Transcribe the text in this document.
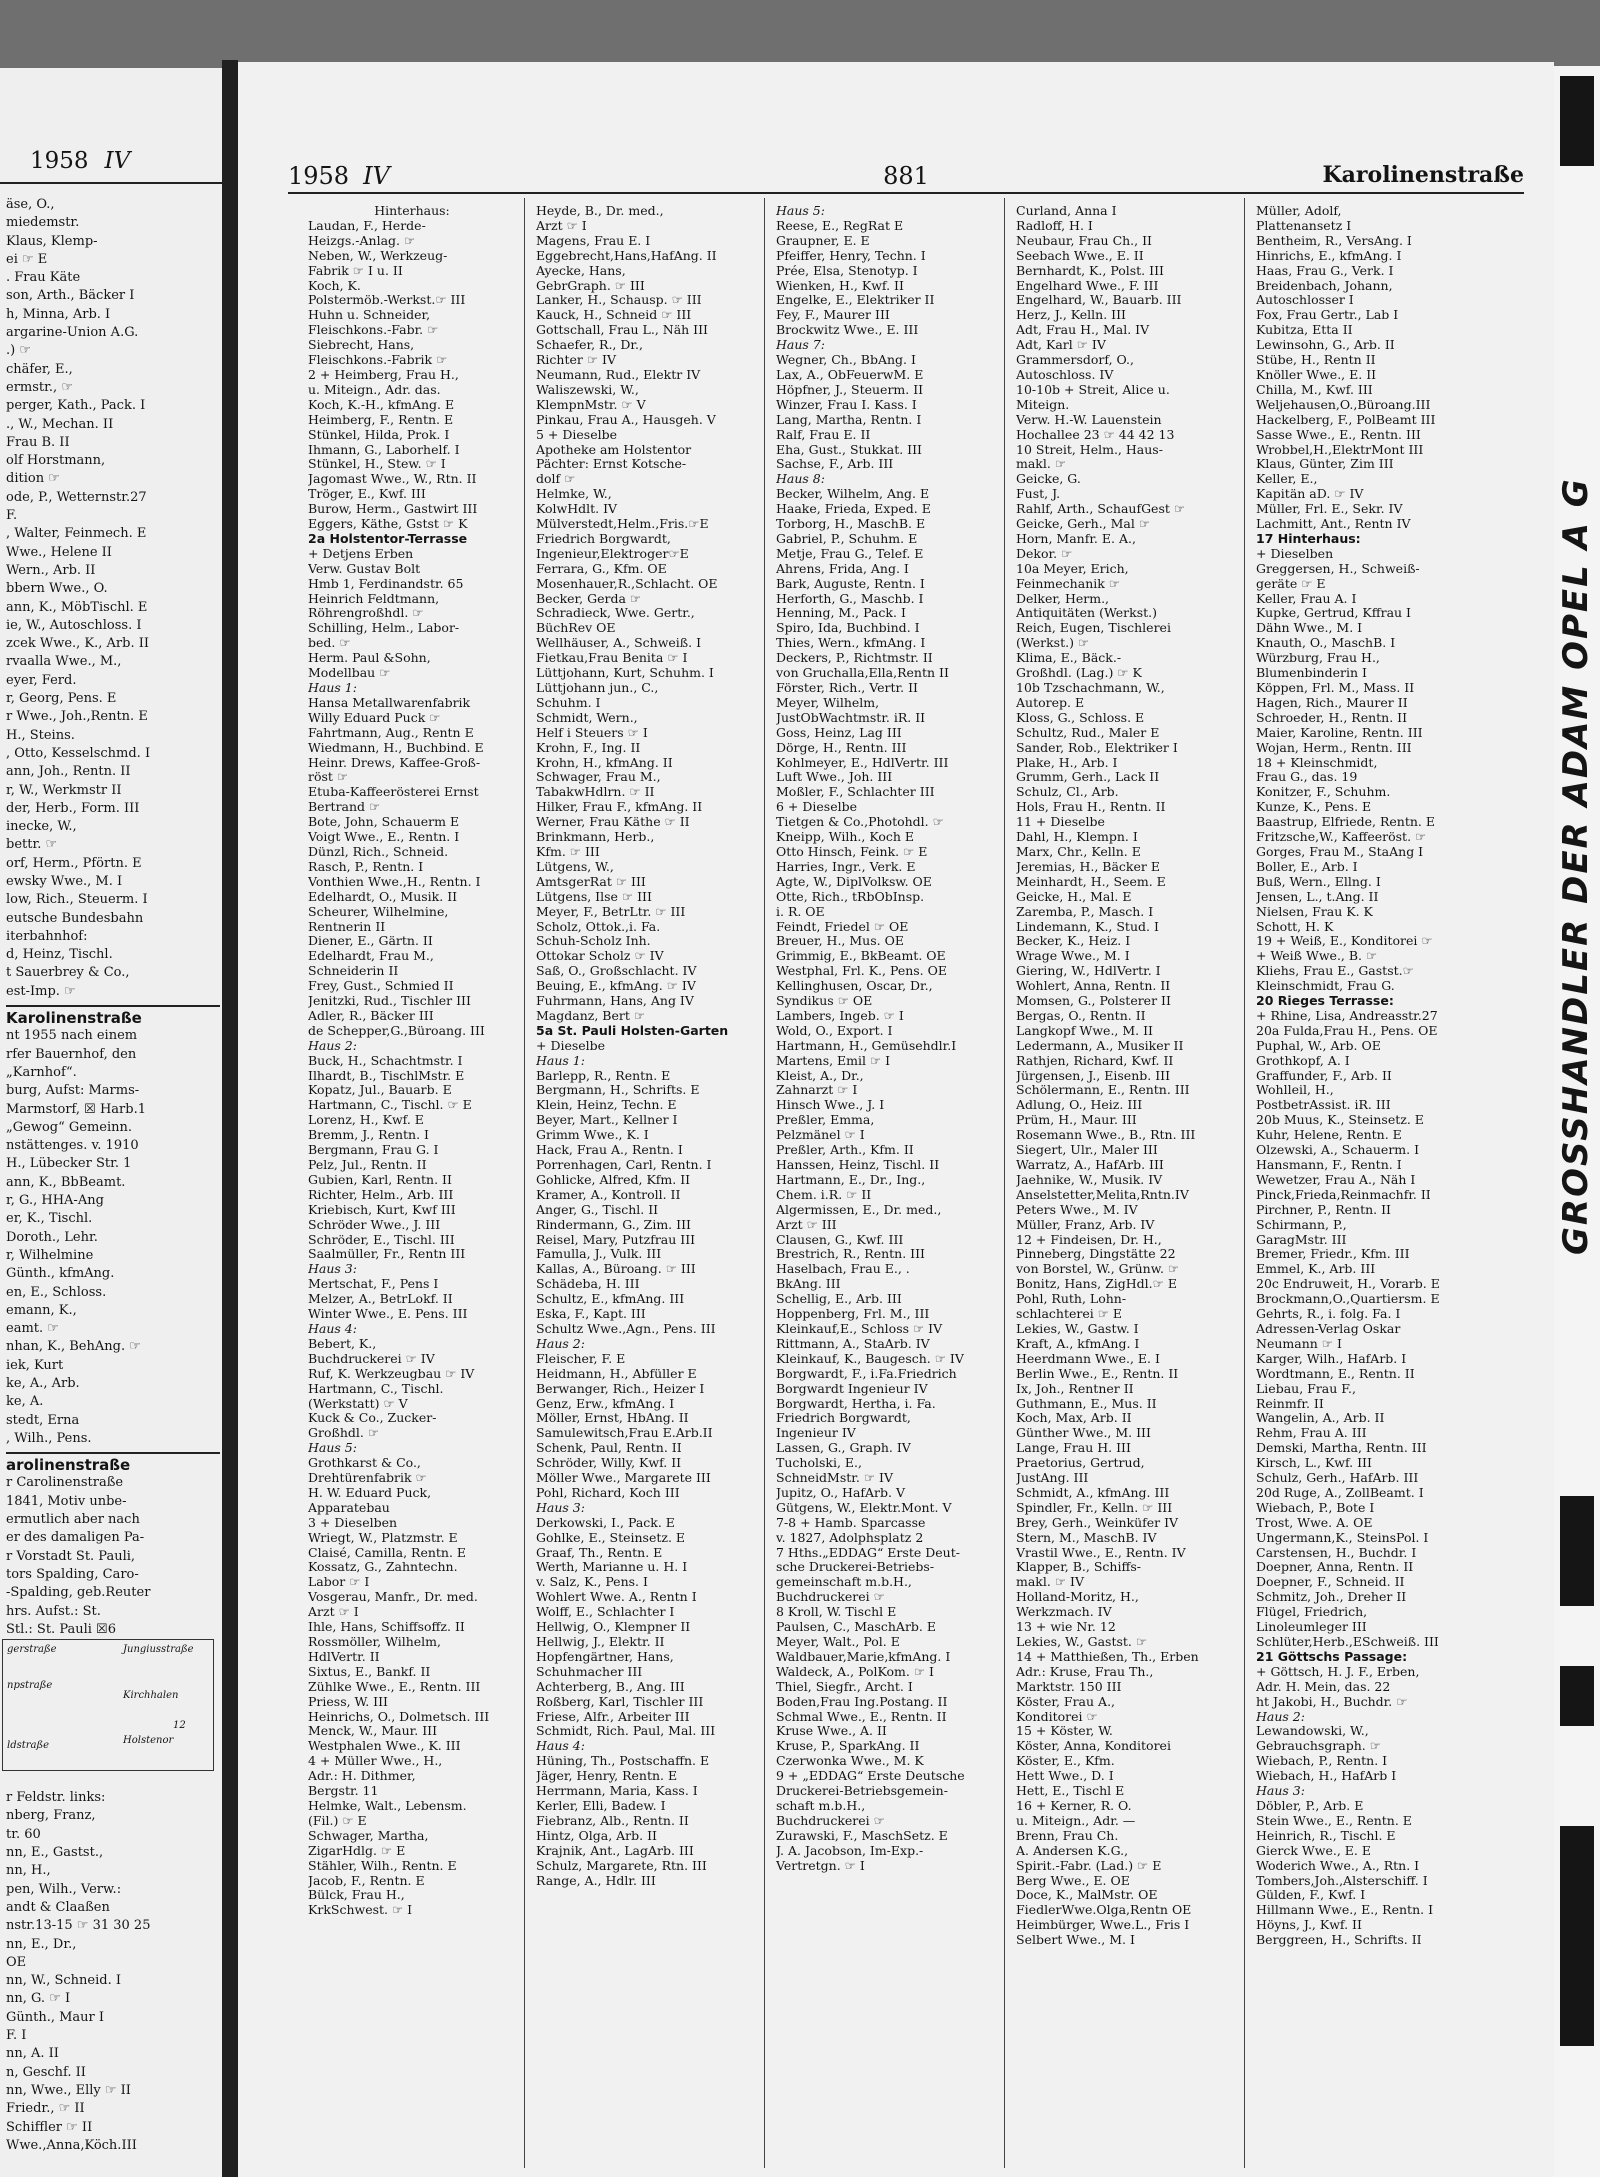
1958 IV
äse, O.,
miedemstr.
Klaus, Klemp-
ei ☞ E
. Frau Käte
son, Arth., Bäcker I
h, Minna, Arb. I
argarine-Union A.G.
.) ☞
chäfer, E.,
ermstr., ☞
perger, Kath., Pack. I
., W., Mechan. II
Frau B. II
olf Horstmann,
dition ☞
ode, P., Wetternstr.27
F.
, Walter, Feinmech. E
Wwe., Helene II
Wern., Arb. II
bbern Wwe., O.
ann, K., MöbTischl. E
ie, W., Autoschloss. I
zcek Wwe., K., Arb. II
rvaalla Wwe., M.,
eyer, Ferd.
r, Georg, Pens. E
r Wwe., Joh.,Rentn. E
H., Steins.
, Otto, Kesselschmd. I
ann, Joh., Rentn. II
r, W., Werkmstr II
der, Herb., Form. III
inecke, W.,
bettr. ☞
orf, Herm., Pförtn. E
ewsky Wwe., M. I
low, Rich., Steuerm. I
eutsche Bundesbahn
iterbahnhof:
d, Heinz, Tischl.
t Sauerbrey & Co.,
est-Imp. ☞
Karolinenstraße
nt 1955 nach einem
rfer Bauernhof, den
„Karnhof“.
burg, Aufst: Marms-
Marmstorf, ☒ Harb.1
„Gewog“ Gemeinn.
nstättenges. v. 1910
H., Lübecker Str. 1
ann, K., BbBeamt.
r, G., HHA-Ang
er, K., Tischl.
Doroth., Lehr.
r, Wilhelmine
Günth., kfmAng.
en, E., Schloss.
emann, K.,
eamt. ☞
nhan, K., BehAng. ☞
iek, Kurt
ke, A., Arb.
ke, A.
stedt, Erna
, Wilh., Pens.
arolinenstraße
r Carolinenstraße
1841, Motiv unbe-
ermutlich aber nach
er des damaligen Pa-
r Vorstadt St. Pauli,
tors Spalding, Caro-
-Spalding, geb.Reuter
hrs. Aufst.: St.
Stl.: St. Pauli ☒6
r Feldstr. links:
nberg, Franz,
tr. 60
nn, E., Gastst.,
nn, H.,
pen, Wilh., Verw.:
andt & Claaßen
nstr.13-15 ☞ 31 30 25
nn, E., Dr.,
OE
nn, W., Schneid. I
nn, G. ☞ I
Günth., Maur I
F. I
nn, A. II
n, Geschf. II
nn, Wwe., Elly ☞ II
Friedr., ☞ II
Schiffler ☞ II
Wwe.,Anna,Köch.III
gerstraße	Jungiusstraße
npstraße
Kirchhalen
12
Holstenor
ldstraße
1958 IV	881	Karolinenstraße
Hinterhaus:
Laudan, F., Herde-
Heizgs.-Anlag. ☞
Neben, W., Werkzeug-
Fabrik ☞ I u. II
Koch, K.
Polstermöb.-Werkst.☞ III
Huhn u. Schneider,
Fleischkons.-Fabr. ☞
Siebrecht, Hans,
Fleischkons.-Fabrik ☞
2 + Heimberg, Frau H.,
u. Miteign., Adr. das.
Koch, K.-H., kfmAng. E
Heimberg, F., Rentn. E
Stünkel, Hilda, Prok. I
Ihmann, G., Laborhelf. I
Stünkel, H., Stew. ☞ I
Jagomast Wwe., W., Rtn. II
Tröger, E., Kwf. III
Burow, Herm., Gastwirt III
Eggers, Käthe, Gstst ☞ K
2a Holstentor-Terrasse
+ Detjens Erben
Verw. Gustav Bolt
Hmb 1, Ferdinandstr. 65
Heinrich Feldtmann,
Röhrengroßhdl. ☞
Schilling, Helm., Labor-
bed. ☞
Herm. Paul &Sohn,
Modellbau ☞
Haus 1:
Hansa Metallwarenfabrik
Willy Eduard Puck ☞
Fahrtmann, Aug., Rentn E
Wiedmann, H., Buchbind. E
Heinr. Drews, Kaffee-Groß-
röst ☞
Etuba-Kaffeerösterei Ernst
Bertrand ☞
Bote, John, Schauerm E
Voigt Wwe., E., Rentn. I
Dünzl, Rich., Schneid.
Rasch, P., Rentn. I
Vonthien Wwe.,H., Rentn. I
Edelhardt, O., Musik. II
Scheurer, Wilhelmine,
Rentnerin II
Diener, E., Gärtn. II
Edelhardt, Frau M.,
Schneiderin II
Frey, Gust., Schmied II
Jenitzki, Rud., Tischler III
Adler, R., Bäcker III
de Schepper,G.,Büroang. III
Haus 2:
Buck, H., Schachtmstr. I
Ilhardt, B., TischlMstr. E
Kopatz, Jul., Bauarb. E
Hartmann, C., Tischl. ☞ E
Lorenz, H., Kwf. E
Bremm, J., Rentn. I
Bergmann, Frau G. I
Pelz, Jul., Rentn. II
Gubien, Karl, Rentn. II
Richter, Helm., Arb. III
Kriebisch, Kurt, Kwf III
Schröder Wwe., J. III
Schröder, E., Tischl. III
Saalmüller, Fr., Rentn III
Haus 3:
Mertschat, F., Pens I
Melzer, A., BetrLokf. II
Winter Wwe., E. Pens. III
Haus 4:
Bebert, K.,
Buchdruckerei ☞ IV
Ruf, K. Werkzeugbau ☞ IV
Hartmann, C., Tischl.
(Werkstatt) ☞ V
Kuck & Co., Zucker-
Großhdl. ☞
Haus 5:
Grothkarst & Co.,
Drehtürenfabrik ☞
H. W. Eduard Puck,
Apparatebau
3 + Dieselben
Wriegt, W., Platzmstr. E
Claisé, Camilla, Rentn. E
Kossatz, G., Zahntechn.
Labor ☞ I
Vosgerau, Manfr., Dr. med.
Arzt ☞ I
Ihle, Hans, Schiffsoffz. II
Rossmöller, Wilhelm,
HdlVertr. II
Sixtus, E., Bankf. II
Zühlke Wwe., E., Rentn. III
Priess, W. III
Heinrichs, O., Dolmetsch. III
Menck, W., Maur. III
Westphalen Wwe., K. III
4 + Müller Wwe., H.,
Adr.: H. Dithmer,
Bergstr. 11
Helmke, Walt., Lebensm.
(Fil.) ☞ E
Schwager, Martha,
ZigarHdlg. ☞ E
Stähler, Wilh., Rentn. E
Jacob, F., Rentn. E
Bülck, Frau H.,
KrkSchwest. ☞ I
Heyde, B., Dr. med.,
Arzt ☞ I
Magens, Frau E. I
Eggebrecht,Hans,HafAng. II
Ayecke, Hans,
GebrGraph. ☞ III
Lanker, H., Schausp. ☞ III
Kauck, H., Schneid ☞ III
Gottschall, Frau L., Näh III
Schaefer, R., Dr.,
Richter ☞ IV
Neumann, Rud., Elektr IV
Waliszewski, W.,
KlempnMstr. ☞ V
Pinkau, Frau A., Hausgeh. V
5 + Dieselbe
Apotheke am Holstentor
Pächter: Ernst Kotsche-
dolf ☞
Helmke, W.,
KolwHdlt. IV
Mülverstedt,Helm.,Fris.☞E
Friedrich Borgwardt,
Ingenieur,Elektroger☞E
Ferrara, G., Kfm. OE
Mosenhauer,R.,Schlacht. OE
Becker, Gerda ☞
Schradieck, Wwe. Gertr.,
BüchRev OE
Wellhäuser, A., Schweiß. I
Fietkau,Frau Benita ☞ I
Lüttjohann, Kurt, Schuhm. I
Lüttjohann jun., C.,
Schuhm. I
Schmidt, Wern.,
Helf i Steuers ☞ I
Krohn, F., Ing. II
Krohn, H., kfmAng. II
Schwager, Frau M.,
TabakwHdlrn. ☞ II
Hilker, Frau F., kfmAng. II
Werner, Frau Käthe ☞ II
Brinkmann, Herb.,
Kfm. ☞ III
Lütgens, W.,
AmtsgerRat ☞ III
Lütgens, Ilse ☞ III
Meyer, F., BetrLtr. ☞ III
Scholz, Ottok.,i. Fa.
Schuh-Scholz Inh.
Ottokar Scholz ☞ IV
Saß, O., Großschlacht. IV
Beuing, E., kfmAng. ☞ IV
Fuhrmann, Hans, Ang IV
Magdanz, Bert ☞
5a St. Pauli Holsten-Garten
+ Dieselbe
Haus 1:
Barlepp, R., Rentn. E
Bergmann, H., Schrifts. E
Klein, Heinz, Techn. E
Beyer, Mart., Kellner I
Grimm Wwe., K. I
Hack, Frau A., Rentn. I
Porrenhagen, Carl, Rentn. I
Gohlicke, Alfred, Kfm. II
Kramer, A., Kontroll. II
Anger, G., Tischl. II
Rindermann, G., Zim. III
Reisel, Mary, Putzfrau III
Famulla, J., Vulk. III
Kallas, A., Büroang. ☞ III
Schädeba, H. III
Schultz, E., kfmAng. III
Eska, F., Kapt. III
Schultz Wwe.,Agn., Pens. III
Haus 2:
Fleischer, F. E
Heidmann, H., Abfüller E
Berwanger, Rich., Heizer I
Genz, Erw., kfmAng. I
Möller, Ernst, HbAng. II
Samulewitsch,Frau E.Arb.II
Schenk, Paul, Rentn. II
Schröder, Willy, Kwf. II
Möller Wwe., Margarete III
Pohl, Richard, Koch III
Haus 3:
Derkowski, I., Pack. E
Gohlke, E., Steinsetz. E
Graaf, Th., Rentn. E
Werth, Marianne u. H. I
v. Salz, K., Pens. I
Wohlert Wwe. A., Rentn I
Wolff, E., Schlachter I
Hellwig, O., Klempner II
Hellwig, J., Elektr. II
Hopfengärtner, Hans,
Schuhmacher III
Achterberg, B., Ang. III
Roßberg, Karl, Tischler III
Friese, Alfr., Arbeiter III
Schmidt, Rich. Paul, Mal. III
Haus 4:
Hüning, Th., Postschaffn. E
Jäger, Henry, Rentn. E
Herrmann, Maria, Kass. I
Kerler, Elli, Badew. I
Fiebranz, Alb., Rentn. II
Hintz, Olga, Arb. II
Krajnik, Ant., LagArb. III
Schulz, Margarete, Rtn. III
Range, A., Hdlr. III
Haus 5:
Reese, E., RegRat E
Graupner, E. E
Pfeiffer, Henry, Techn. I
Prée, Elsa, Stenotyp. I
Wienken, H., Kwf. II
Engelke, E., Elektriker II
Fey, F., Maurer III
Brockwitz Wwe., E. III
Haus 7:
Wegner, Ch., BbAng. I
Lax, A., ObFeuerwM. E
Höpfner, J., Steuerm. II
Winzer, Frau I. Kass. I
Lang, Martha, Rentn. I
Ralf, Frau E. II
Eha, Gust., Stukkat. III
Sachse, F., Arb. III
Haus 8:
Becker, Wilhelm, Ang. E
Haake, Frieda, Exped. E
Torborg, H., MaschB. E
Gabriel, P., Schuhm. E
Metje, Frau G., Telef. E
Ahrens, Frida, Ang. I
Bark, Auguste, Rentn. I
Herforth, G., Maschb. I
Henning, M., Pack. I
Spiro, Ida, Buchbind. I
Thies, Wern., kfmAng. I
Deckers, P., Richtmstr. II
von Gruchalla,Ella,Rentn II
Förster, Rich., Vertr. II
Meyer, Wilhelm,
JustObWachtmstr. iR. II
Goss, Heinz, Lag III
Dörge, H., Rentn. III
Kohlmeyer, E., HdlVertr. III
Luft Wwe., Joh. III
Moßler, F., Schlachter III
6 + Dieselbe
Tietgen & Co.,Photohdl. ☞
Kneipp, Wilh., Koch E
Otto Hinsch, Feink. ☞ E
Harries, Ingr., Verk. E
Agte, W., DiplVolksw. OE
Otte, Rich., tRbObInsp.
i. R. OE
Feindt, Friedel ☞ OE
Breuer, H., Mus. OE
Grimmig, E., BkBeamt. OE
Westphal, Frl. K., Pens. OE
Kellinghusen, Oscar, Dr.,
Syndikus ☞ OE
Lambers, Ingeb. ☞ I
Wold, O., Export. I
Hartmann, H., Gemüsehdlr.I
Martens, Emil ☞ I
Kleist, A., Dr.,
Zahnarzt ☞ I
Hinsch Wwe., J. I
Preßler, Emma,
Pelzmänel ☞ I
Preßler, Arth., Kfm. II
Hanssen, Heinz, Tischl. II
Hartmann, E., Dr., Ing.,
Chem. i.R. ☞ II
Algermissen, E., Dr. med.,
Arzt ☞ III
Clausen, G., Kwf. III
Brestrich, R., Rentn. III
Haselbach, Frau E., .
BkAng. III
Schellig, E., Arb. III
Hoppenberg, Frl. M., III
Kleinkauf,E., Schloss ☞ IV
Rittmann, A., StaArb. IV
Kleinkauf, K., Baugesch. ☞ IV
Borgwardt, F., i.Fa.Friedrich
Borgwardt Ingenieur IV
Borgwardt, Hertha, i. Fa.
Friedrich Borgwardt,
Ingenieur IV
Lassen, G., Graph. IV
Tucholski, E.,
SchneidMstr. ☞ IV
Jupitz, O., HafArb. V
Gütgens, W., Elektr.Mont. V
7-8 + Hamb. Sparcasse
v. 1827, Adolphsplatz 2
7 Hths.„EDDAG“ Erste Deut-
sche Druckerei-Betriebs-
gemeinschaft m.b.H.,
Buchdruckerei ☞
8 Kroll, W. Tischl E
Paulsen, C., MaschArb. E
Meyer, Walt., Pol. E
Waldbauer,Marie,kfmAng. I
Waldeck, A., PolKom. ☞ I
Thiel, Siegfr., Archt. I
Boden,Frau Ing.Postang. II
Schmal Wwe., E., Rentn. II
Kruse Wwe., A. II
Kruse, P., SparkAng. II
Czerwonka Wwe., M. K
9 + „EDDAG“ Erste Deutsche
Druckerei-Betriebsgemein-
schaft m.b.H.,
Buchdruckerei ☞
Zurawski, F., MaschSetz. E
J. A. Jacobson, Im-Exp.-
Vertretgn. ☞ I
Curland, Anna I
Radloff, H. I
Neubaur, Frau Ch., II
Seebach Wwe., E. II
Bernhardt, K., Polst. III
Engelhard Wwe., F. III
Engelhard, W., Bauarb. III
Herz, J., Kelln. III
Adt, Frau H., Mal. IV
Adt, Karl ☞ IV
Grammersdorf, O.,
Autoschloss. IV
10-10b + Streit, Alice u.
Miteign.
Verw. H.-W. Lauenstein
Hochallee 23 ☞ 44 42 13
10 Streit, Helm., Haus-
makl. ☞
Geicke, G.
Fust, J.
Rahlf, Arth., SchaufGest ☞
Geicke, Gerh., Mal ☞
Horn, Manfr. E. A.,
Dekor. ☞
10a Meyer, Erich,
Feinmechanik ☞
Delker, Herm.,
Antiquitäten (Werkst.)
Reich, Eugen, Tischlerei
(Werkst.) ☞
Klima, E., Bäck.-
Großhdl. (Lag.) ☞ K
10b Tzschachmann, W.,
Autorep. E
Kloss, G., Schloss. E
Schultz, Rud., Maler E
Sander, Rob., Elektriker I
Plake, H., Arb. I
Grumm, Gerh., Lack II
Schulz, Cl., Arb.
Hols, Frau H., Rentn. II
11 + Dieselbe
Dahl, H., Klempn. I
Marx, Chr., Kelln. E
Jeremias, H., Bäcker E
Meinhardt, H., Seem. E
Geicke, H., Mal. E
Zaremba, P., Masch. I
Lindemann, K., Stud. I
Becker, K., Heiz. I
Wrage Wwe., M. I
Giering, W., HdlVertr. I
Wohlert, Anna, Rentn. II
Momsen, G., Polsterer II
Bergas, O., Rentn. II
Langkopf Wwe., M. II
Ledermann, A., Musiker II
Rathjen, Richard, Kwf. II
Jürgensen, J., Eisenb. III
Schölermann, E., Rentn. III
Adlung, O., Heiz. III
Prüm, H., Maur. III
Rosemann Wwe., B., Rtn. III
Siegert, Ulr., Maler III
Warratz, A., HafArb. III
Jaehnike, W., Musik. IV
Anselstetter,Melita,Rntn.IV
Peters Wwe., M. IV
Müller, Franz, Arb. IV
12 + Findeisen, Dr. H.,
Pinneberg, Dingstätte 22
von Borstel, W., Grünw. ☞
Bonitz, Hans, ZigHdl.☞ E
Pohl, Ruth, Lohn-
schlachterei ☞ E
Lekies, W., Gastw. I
Kraft, A., kfmAng. I
Heerdmann Wwe., E. I
Berlin Wwe., E., Rentn. II
Ix, Joh., Rentner II
Guthmann, E., Mus. II
Koch, Max, Arb. II
Günther Wwe., M. III
Lange, Frau H. III
Praetorius, Gertrud,
JustAng. III
Schmidt, A., kfmAng. III
Spindler, Fr., Kelln. ☞ III
Brey, Gerh., Weinküfer IV
Stern, M., MaschB. IV
Vrastil Wwe., E., Rentn. IV
Klapper, B., Schiffs-
makl. ☞ IV
Holland-Moritz, H.,
Werkzmach. IV
13 + wie Nr. 12
Lekies, W., Gastst. ☞
14 + Matthießen, Th., Erben
Adr.: Kruse, Frau Th.,
Marktstr. 150 III
Köster, Frau A.,
Konditorei ☞
15 + Köster, W.
Köster, Anna, Konditorei
Köster, E., Kfm.
Hett Wwe., D. I
Hett, E., Tischl E
16 + Kerner, R. O.
u. Miteign., Adr. —
Brenn, Frau Ch.
A. Andersen K.G.,
Spirit.-Fabr. (Lad.) ☞ E
Berg Wwe., E. OE
Doce, K., MalMstr. OE
FiedlerWwe.Olga,Rentn OE
Heimbürger, Wwe.L., Fris I
Selbert Wwe., M. I
Müller, Adolf,
Plattenansetz I
Bentheim, R., VersAng. I
Hinrichs, E., kfmAng. I
Haas, Frau G., Verk. I
Breidenbach, Johann,
Autoschlosser I
Fox, Frau Gertr., Lab I
Kubitza, Etta II
Lewinsohn, G., Arb. II
Stübe, H., Rentn II
Knöller Wwe., E. II
Chilla, M., Kwf. III
Weljehausen,O.,Büroang.III
Hackelberg, F., PolBeamt III
Sasse Wwe., E., Rentn. III
Wrobbel,H.,ElektrMont III
Klaus, Günter, Zim III
Keller, E.,
Kapitän aD. ☞ IV
Müller, Frl. E., Sekr. IV
Lachmitt, Ant., Rentn IV
17 Hinterhaus:
+ Dieselben
Greggersen, H., Schweiß-
geräte ☞ E
Keller, Frau A. I
Kupke, Gertrud, Kffrau I
Dähn Wwe., M. I
Knauth, O., MaschB. I
Würzburg, Frau H.,
Blumenbinderin I
Köppen, Frl. M., Mass. II
Hagen, Rich., Maurer II
Schroeder, H., Rentn. II
Maier, Karoline, Rentn. III
Wojan, Herm., Rentn. III
18 + Kleinschmidt,
Frau G., das. 19
Konitzer, F., Schuhm.
Kunze, K., Pens. E
Baastrup, Elfriede, Rentn. E
Fritzsche,W., Kaffeeröst. ☞
Gorges, Frau M., StaAng I
Boller, E., Arb. I
Buß, Wern., Ellng. I
Jensen, L., t.Ang. II
Nielsen, Frau K. K
Schott, H. K
19 + Weiß, E., Konditorei ☞
+ Weiß Wwe., B. ☞
Kliehs, Frau E., Gastst.☞
Kleinschmidt, Frau G.
20 Rieges Terrasse:
+ Rhine, Lisa, Andreasstr.27
20a Fulda,Frau H., Pens. OE
Puphal, W., Arb. OE
Grothkopf, A. I
Graffunder, F., Arb. II
Wohlleil, H.,
PostbetrAssist. iR. III
20b Muus, K., Steinsetz. E
Kuhr, Helene, Rentn. E
Olzewski, A., Schauerm. I
Hansmann, F., Rentn. I
Wewetzer, Frau A., Näh I
Pinck,Frieda,Reinmachfr. II
Pirchner, P., Rentn. II
Schirmann, P.,
GaragMstr. III
Bremer, Friedr., Kfm. III
Emmel, K., Arb. III
20c Endruweit, H., Vorarb. E
Brockmann,O.,Quartiersm. E
Gehrts, R., i. folg. Fa. I
Adressen-Verlag Oskar
Neumann ☞ I
Karger, Wilh., HafArb. I
Wordtmann, E., Rentn. II
Liebau, Frau F.,
Reinmfr. II
Wangelin, A., Arb. II
Rehm, Frau A. III
Demski, Martha, Rentn. III
Kirsch, L., Kwf. III
Schulz, Gerh., HafArb. III
20d Ruge, A., ZollBeamt. I
Wiebach, P., Bote I
Trost, Wwe. A. OE
Ungermann,K., SteinsPol. I
Carstensen, H., Buchdr. I
Doepner, Anna, Rentn. II
Doepner, F., Schneid. II
Schmitz, Joh., Dreher II
Flügel, Friedrich,
Linoleumleger III
Schlüter,Herb.,ESchweiß. III
21 Göttschs Passage:
+ Göttsch, H. J. F., Erben,
Adr. H. Mein, das. 22
ht Jakobi, H., Buchdr. ☞
Haus 2:
Lewandowski, W.,
Gebrauchsgraph. ☞
Wiebach, P., Rentn. I
Wiebach, H., HafArb I
Haus 3:
Döbler, P., Arb. E
Stein Wwe., E., Rentn. E
Heinrich, R., Tischl. E
Gierck Wwe., E. E
Woderich Wwe., A., Rtn. I
Tombers,Joh.,Alsterschiff. I
Gülden, F., Kwf. I
Hillmann Wwe., E., Rentn. I
Höyns, J., Kwf. II
Berggreen, H., Schrifts. II
GROSSHANDLER DER ADAM OPEL A G
